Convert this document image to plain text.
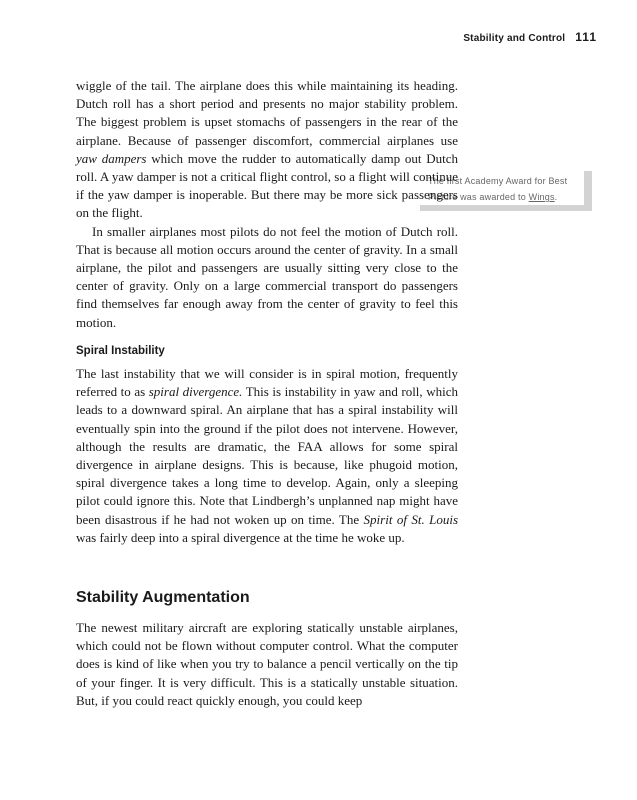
Stability and Control 111
The first Academy Award for Best Picture was awarded to Wings.

wiggle of the tail. The airplane does this while maintaining its heading. Dutch roll has a short period and presents no major stability problem. The biggest problem is upset stomachs of passengers in the rear of the airplane. Because of passenger discomfort, commercial airplanes use yaw dampers which move the rudder to automatically damp out Dutch roll. A yaw damper is not a critical flight control, so a flight will continue if the yaw damper is inoperable. But there may be more sick passengers on the flight.

In smaller airplanes most pilots do not feel the motion of Dutch roll. That is because all motion occurs around the center of gravity. In a small airplane, the pilot and passengers are usually sitting very close to the center of gravity. Only on a large commercial transport do passengers find themselves far enough away from the center of gravity to feel this motion.

Spiral Instability

The last instability that we will consider is in spiral motion, frequently referred to as spiral divergence. This is instability in yaw and roll, which leads to a downward spiral. An airplane that has a spiral instability will eventually spin into the ground if the pilot does not intervene. However, although the results are dramatic, the FAA allows for some spiral divergence in airplane designs. This is because, like phugoid motion, spiral divergence takes a long time to develop. Again, only a sleeping pilot could ignore this. Note that Lindbergh’s unplanned nap might have been disastrous if he had not woken up on time. The Spirit of St. Louis was fairly deep into a spiral divergence at the time he woke up.

Stability Augmentation

The newest military aircraft are exploring statically unstable airplanes, which could not be flown without computer control. What the computer does is kind of like when you try to balance a pencil vertically on the tip of your finger. It is very difficult. This is a statically unstable situation. But, if you could react quickly enough, you could keep
